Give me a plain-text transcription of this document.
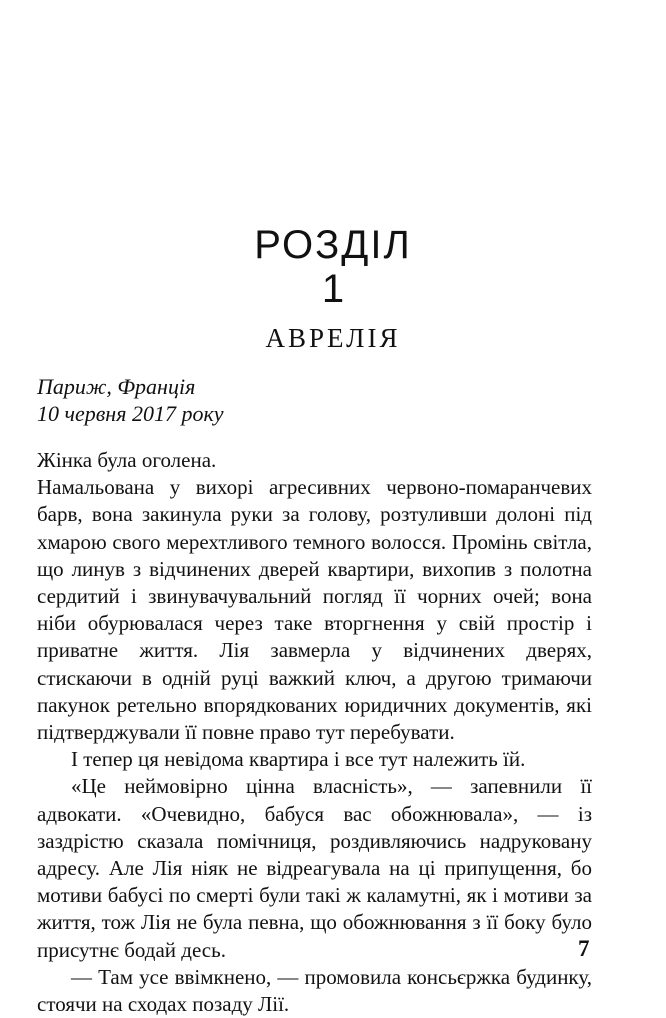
РОЗДІЛ
1
АВРЕЛІЯ
Париж, Франція
10 червня 2017 року

Жінка була оголена.

Намальована у вихорі агресивних червоно-помаранчевих барв, вона закинула руки за голову, розтуливши долоні під хмарою свого мерехтливого темного волосся. Промінь світла, що линув з відчинених дверей квартири, вихопив з полотна сердитий і звинувачувальний погляд її чорних очей; вона ніби обурювалася через таке вторгнення у свій простір і приватне життя. Лія завмерла у відчинених дверях, стискаючи в одній руці важкий ключ, а другою тримаючи пакунок ретельно впорядкованих юридичних документів, які підтверджували її повне право тут перебувати.

І тепер ця невідома квартира і все тут належить їй.

«Це неймовірно цінна власність», — запевнили її адвокати. «Очевидно, бабуся вас обожнювала», — із заздрістю сказала помічниця, роздивляючись надруковану адресу. Але Лія ніяк не відреагувала на ці припущення, бо мотиви бабусі по смерті були такі ж каламутні, як і мотиви за життя, тож Лія не була певна, що обожнювання з її боку було присутнє бодай десь.

— Там усе ввімкнено, — промовила консьєржка будинку, стоячи на сходах позаду Лії.

7
